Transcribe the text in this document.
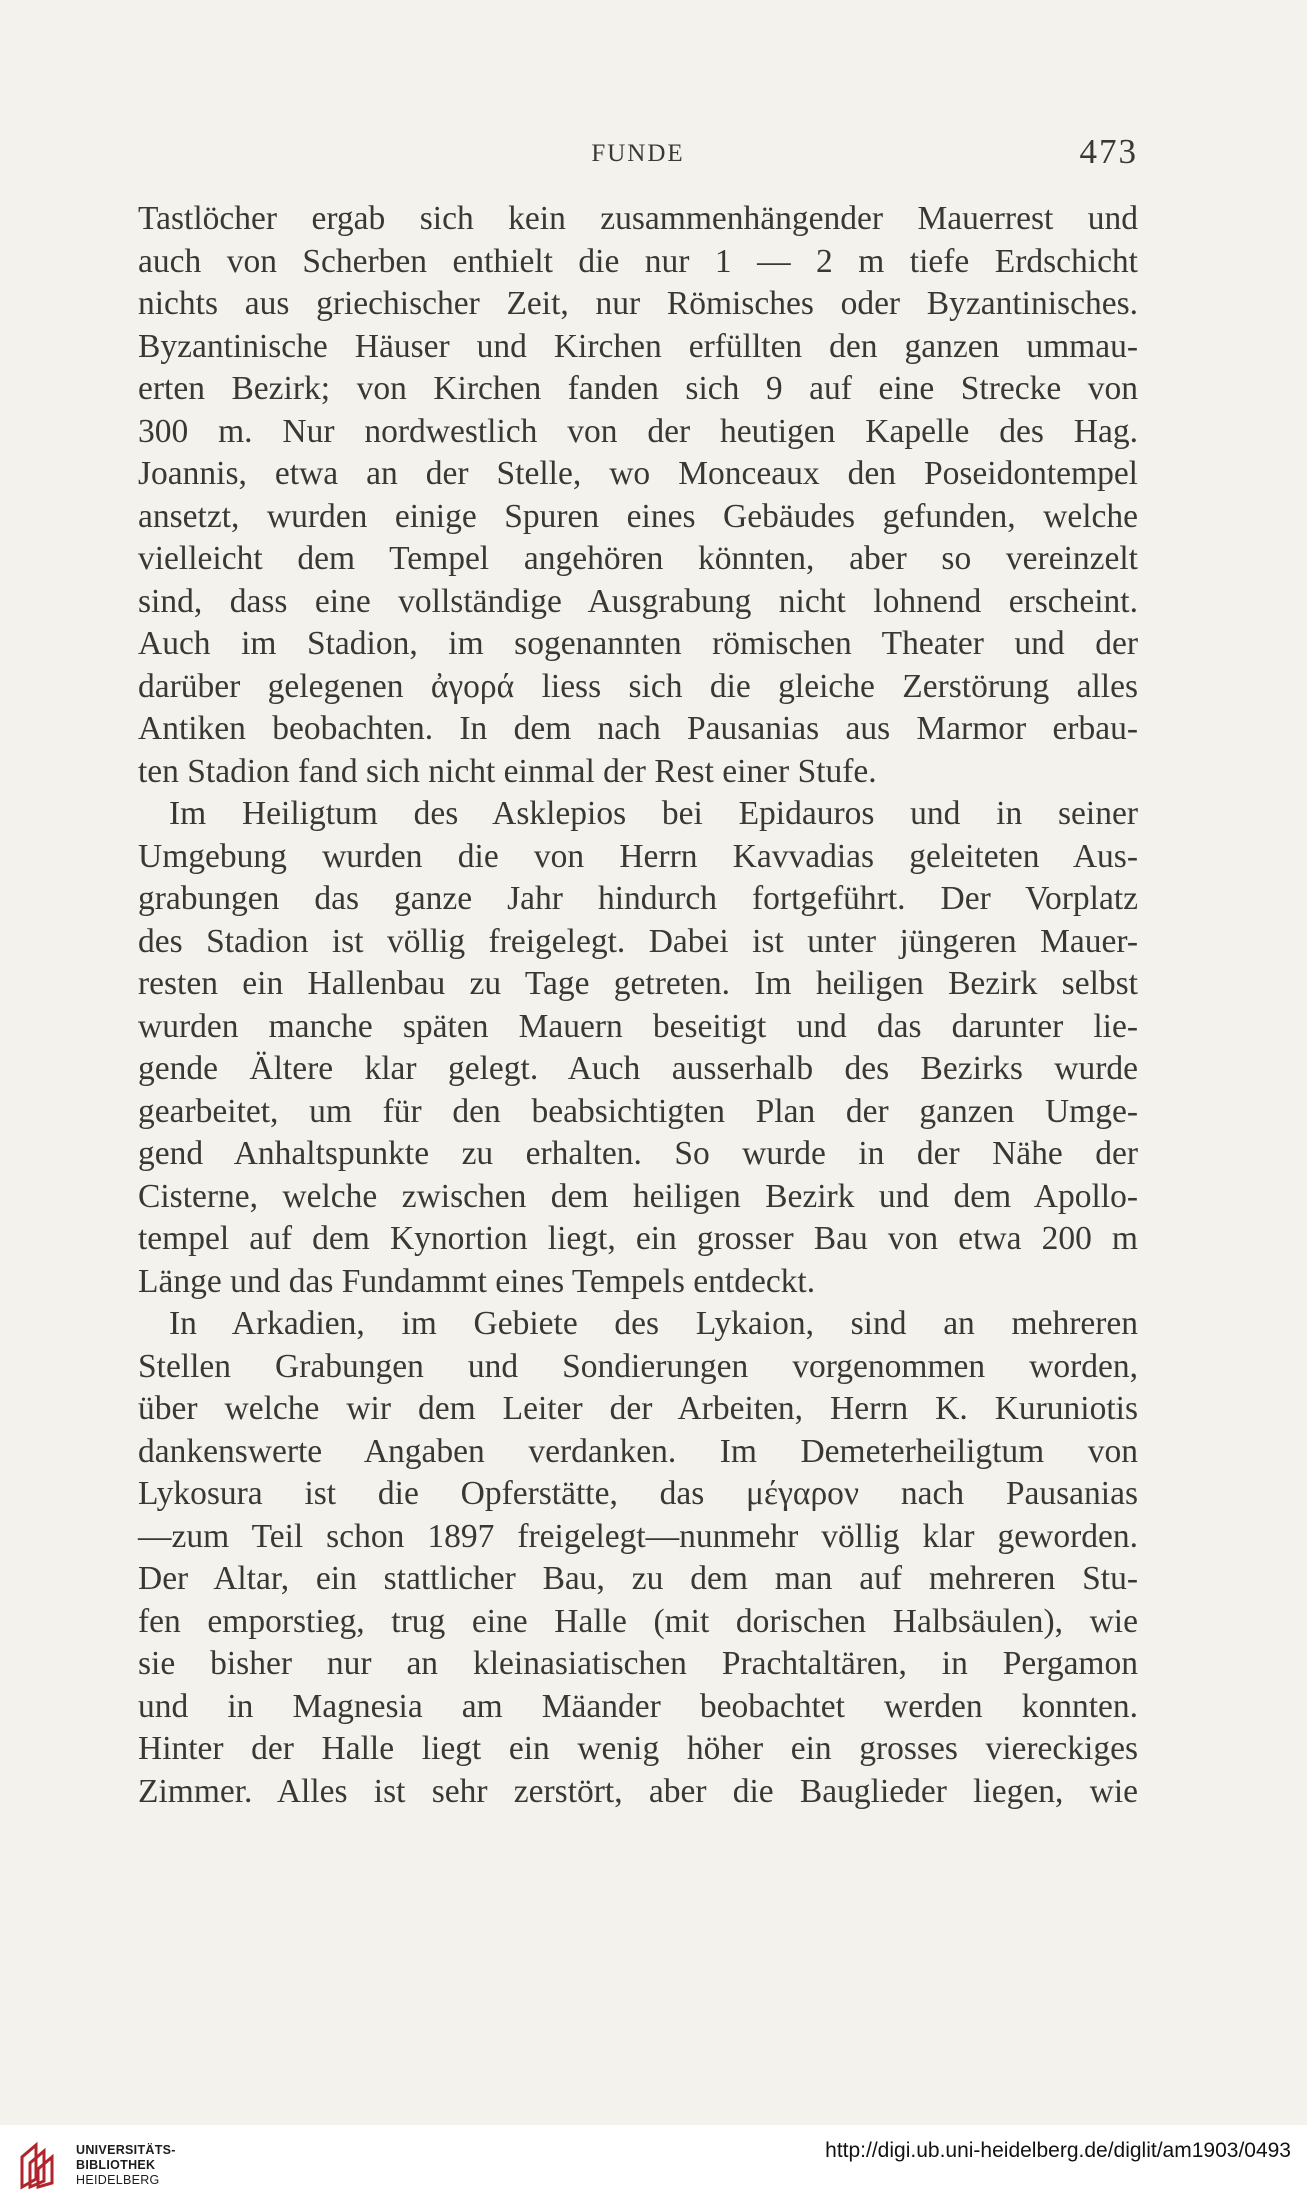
FUNDE	473
Tastlöcher ergab sich kein zusammenhängender Mauerrest und
auch von Scherben enthielt die nur 1 — 2 m tiefe Erdschicht
nichts aus griechischer Zeit, nur Römisches oder Byzantinisches.
Byzantinische Häuser und Kirchen erfüllten den ganzen ummau-
erten Bezirk; von Kirchen fanden sich 9 auf eine Strecke von
300 m. Nur nordwestlich von der heutigen Kapelle des Hag.
Joannis, etwa an der Stelle, wo Monceaux den Poseidontempel
ansetzt, wurden einige Spuren eines Gebäudes gefunden, welche
vielleicht dem Tempel angehören könnten, aber so vereinzelt
sind, dass eine vollständige Ausgrabung nicht lohnend erscheint.
Auch im Stadion, im sogenannten römischen Theater und der
darüber gelegenen ἀγορά liess sich die gleiche Zerstörung alles
Antiken beobachten. In dem nach Pausanias aus Marmor erbau-
ten Stadion fand sich nicht einmal der Rest einer Stufe.
Im Heiligtum des Asklepios bei Epidauros und in seiner
Umgebung wurden die von Herrn Kavvadias geleiteten Aus-
grabungen das ganze Jahr hindurch fortgeführt. Der Vorplatz
des Stadion ist völlig freigelegt. Dabei ist unter jüngeren Mauer-
resten ein Hallenbau zu Tage getreten. Im heiligen Bezirk selbst
wurden manche späten Mauern beseitigt und das darunter lie-
gende Ältere klar gelegt. Auch ausserhalb des Bezirks wurde
gearbeitet, um für den beabsichtigten Plan der ganzen Umge-
gend Anhaltspunkte zu erhalten. So wurde in der Nähe der
Cisterne, welche zwischen dem heiligen Bezirk und dem Apollo-
tempel auf dem Kynortion liegt, ein grosser Bau von etwa 200 m
Länge und das Fundammt eines Tempels entdeckt.
In Arkadien, im Gebiete des Lykaion, sind an mehreren
Stellen Grabungen und Sondierungen vorgenommen worden,
über welche wir dem Leiter der Arbeiten, Herrn K. Kuruniotis
dankenswerte Angaben verdanken. Im Demeterheiligtum von
Lykosura ist die Opferstätte, das μέγαρον nach Pausanias
—zum Teil schon 1897 freigelegt—nunmehr völlig klar geworden.
Der Altar, ein stattlicher Bau, zu dem man auf mehreren Stu-
fen emporstieg, trug eine Halle (mit dorischen Halbsäulen), wie
sie bisher nur an kleinasiatischen Prachtaltären, in Pergamon
und in Magnesia am Mäander beobachtet werden konnten.
Hinter der Halle liegt ein wenig höher ein grosses viereckiges
Zimmer. Alles ist sehr zerstört, aber die Bauglieder liegen, wie
UNIVERSITÄTS-
BIBLIOTHEK
HEIDELBERG
http://digi.ub.uni-heidelberg.de/diglit/am1903/0493
